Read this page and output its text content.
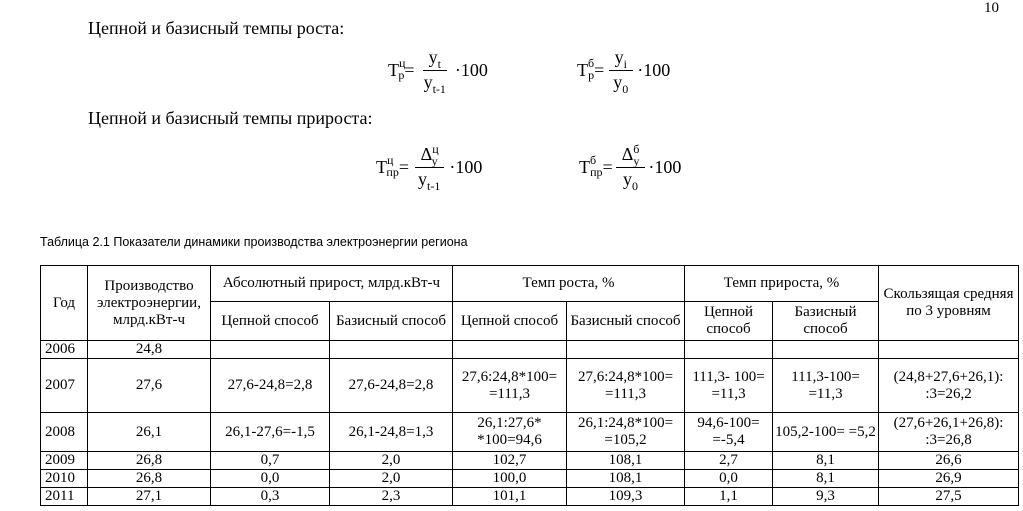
10
Цепной и базисный темпы роста:
T ц
$р = \frac{y_t}{y_{t-1}} \cdot 100$	T б
$р = \frac{y_i}{y_0} \cdot 100$
Цепной и базисный темпы прироста:
T ц
пр = $\frac{\Delta^ц_y}{y_{t-1}} \cdot 100$	T б
пр = $\frac{\Delta^б_y}{y_0} \cdot 100$
Таблица 2.1 Показатели динамики производства электроэнергии региона
Год	Производство электроэнергии, млрд.кВт-ч	Абсолютный прирост, млрд.кВт-ч		Темп роста, %		Темп прироста, %		Скользящая средняя по 3 уровням
		Цепной способ	Базисный способ	Цепной способ	Базисный способ	Цепной способ	Базисный способ	
2006	24,8							
2007	27,6	27,6-24,8=2,8	27,6-24,8=2,8	27,6:24,8*100= =111,3	27,6:24,8*100= =111,3	111,3- 100= =11,3	111,3-100= =11,3	(24,8+27,6+26,1): :3=26,2
2008	26,1	26,1-27,6=-1,5	26,1-24,8=1,3	26,1:27,6* *100=94,6	26,1:24,8*100= =105,2	94,6-100= =-5,4	105,2-100= =5,2	(27,6+26,1+26,8): :3=26,8
2009	26,8	0,7	2,0	102,7	108,1	2,7	8,1	26,6
2010	26,8	0,0	2,0	100,0	108,1	0,0	8,1	26,9
2011	27,1	0,3	2,3	101,1	109,3	1,1	9,3	27,5
